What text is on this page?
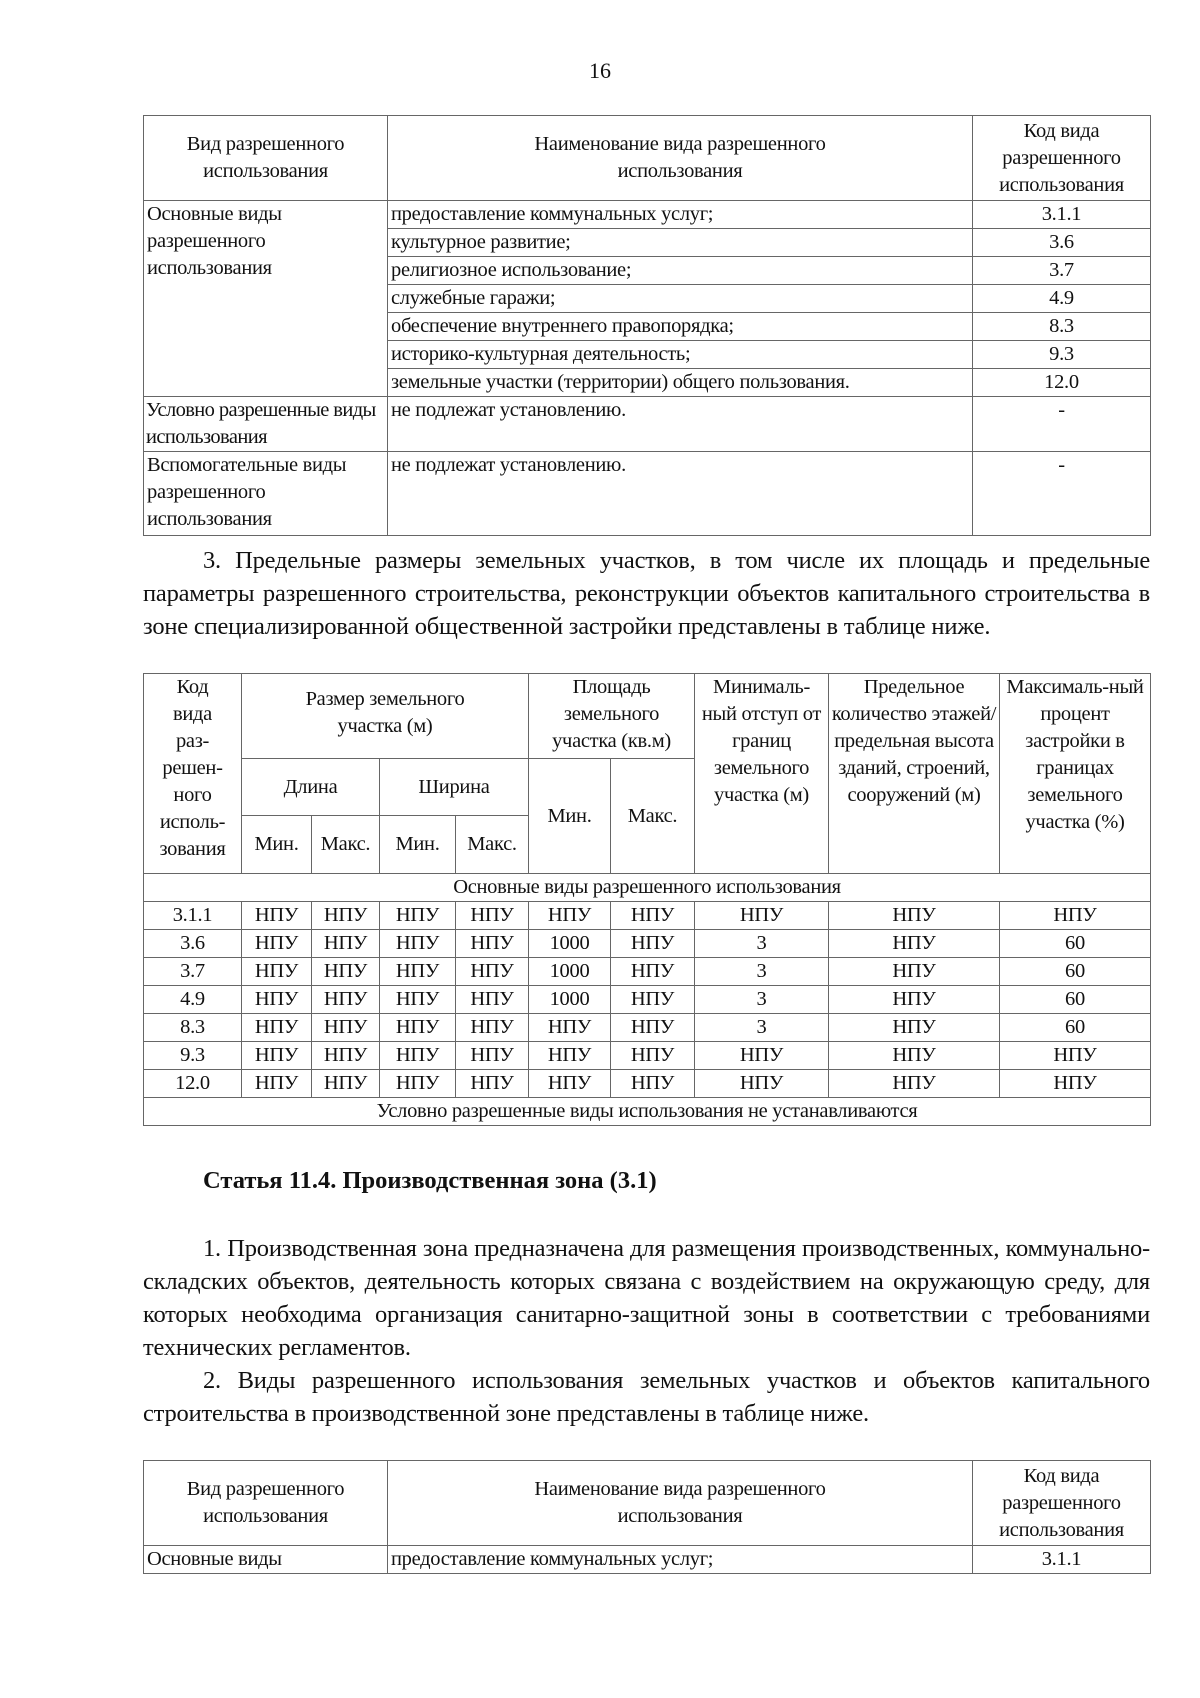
16
Вид разрешенного использования	Наименование вида разрешенного использования	Код вида разрешенного использования
Основные виды разрешенного использования	предоставление коммунальных услуг;	3.1.1
	культурное развитие;	3.6
	религиозное использование;	3.7
	служебные гаражи;	4.9
	обеспечение внутреннего правопорядка;	8.3
	историко-культурная деятельность;	9.3
	земельные участки (территории) общего пользования.	12.0
Условно разрешенные виды использования	не подлежат установлению.	-
Вспомогательные виды разрешенного использования	не подлежат установлению.	-
3. Предельные размеры земельных участков, в том числе их площадь и предельные параметры разрешенного строительства, реконструкции объектов капитального строительства в зоне специализированной общественной застройки представлены в таблице ниже.
Код вида раз-решен-ного исполь-зования	Размер земельного участка (м)				Площадь земельного участка (кв.м)		Минималь-ный отступ от границ земельного участка (м)	Предельное количество этажей/ предельная высота зданий, строений, сооружений (м)	Максималь-ный процент застройки в границах земельного участка (%)
	Длина		Ширина		Мин.	Макс.			
	Мин.	Макс.	Мин.	Макс.					
Основные виды разрешенного использования									
3.1.1	НПУ	НПУ	НПУ	НПУ	НПУ	НПУ	НПУ	НПУ	НПУ
3.6	НПУ	НПУ	НПУ	НПУ	1000	НПУ	3	НПУ	60
3.7	НПУ	НПУ	НПУ	НПУ	1000	НПУ	3	НПУ	60
4.9	НПУ	НПУ	НПУ	НПУ	1000	НПУ	3	НПУ	60
8.3	НПУ	НПУ	НПУ	НПУ	НПУ	НПУ	3	НПУ	60
9.3	НПУ	НПУ	НПУ	НПУ	НПУ	НПУ	НПУ	НПУ	НПУ
12.0	НПУ	НПУ	НПУ	НПУ	НПУ	НПУ	НПУ	НПУ	НПУ
Условно разрешенные виды использования не устанавливаются									
Статья 11.4. Производственная зона (3.1)
1. Производственная зона предназначена для размещения производственных, коммунально-складских объектов, деятельность которых связана с воздействием на окружающую среду, для которых необходима организация санитарно-защитной зоны в соответствии с требованиями технических регламентов.
2. Виды разрешенного использования земельных участков и объектов капитального строительства в производственной зоне представлены в таблице ниже.
Вид разрешенного использования	Наименование вида разрешенного использования	Код вида разрешенного использования
Основные виды	предоставление коммунальных услуг;	3.1.1
